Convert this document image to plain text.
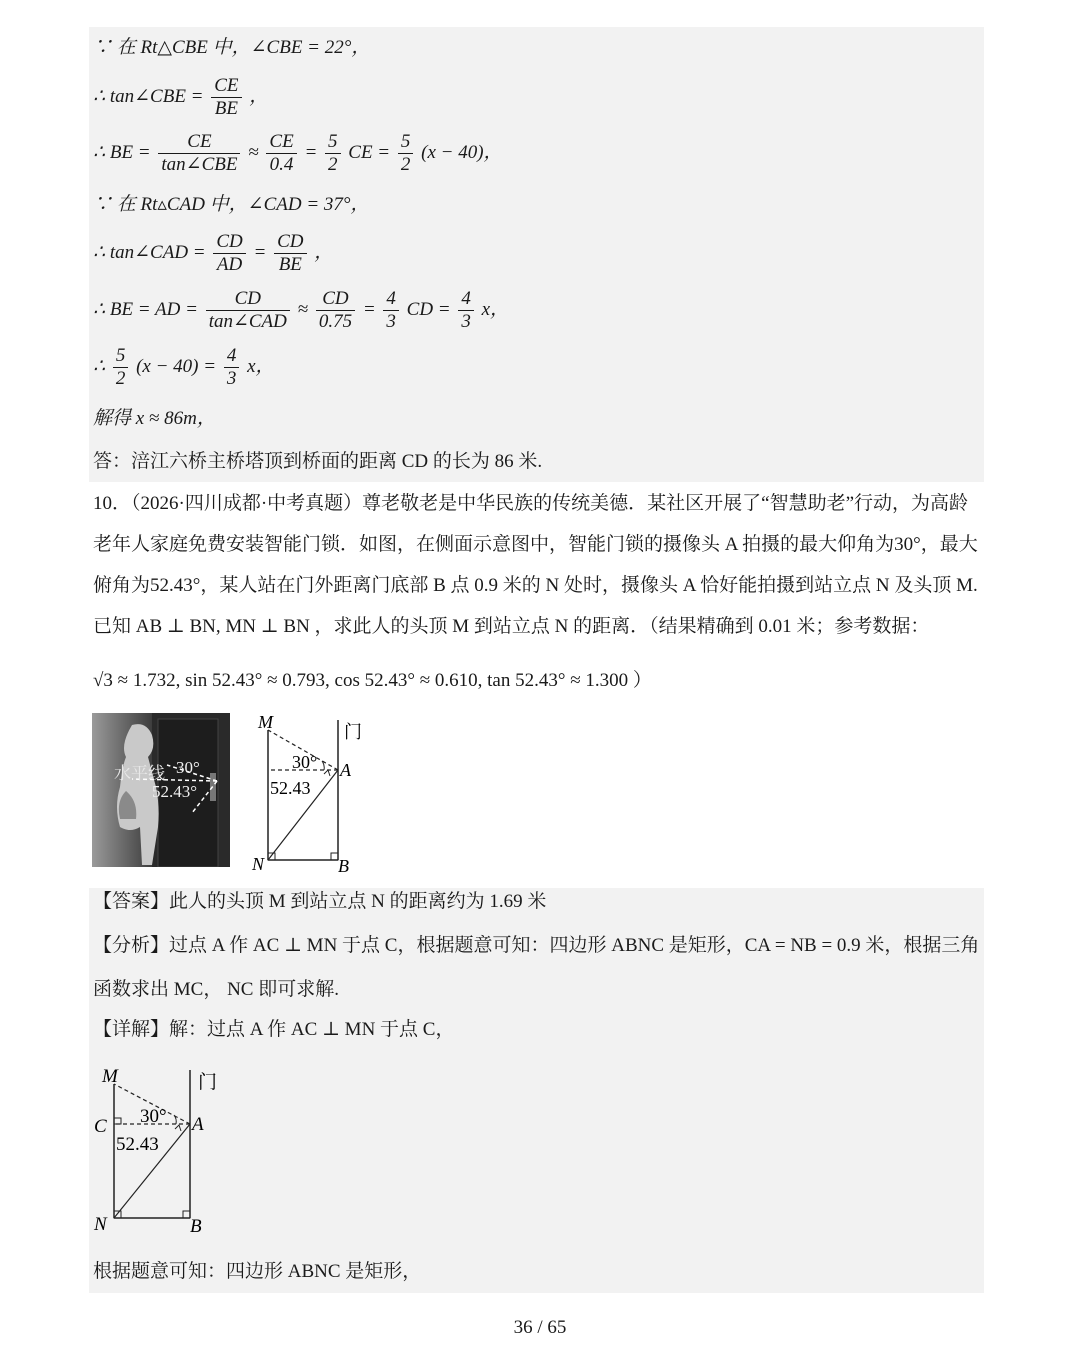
∵ 在 Rt△CBE 中，∠CBE = 22°，
∴ tan∠CBE = $\frac{CE}{BE}$ ，
∴ BE = $\frac{CE}{\text{tan∠CBE}} \approx \frac{CE}{0.4} = \frac{5}{2}$ CE = $\frac{5}{2} (x - 40)$，
∵ 在 Rt▵CAD 中，∠CAD = 37°，
∴ tan∠CAD = $\frac{CD}{AD} = \frac{CD}{BE}$ ，
∴ BE = AD = $\frac{CD}{\text{tan∠CAD}} \approx \frac{CD}{0.75} = \frac{4}{3}$ CD = $\frac{4}{3}$ x，
∴ $\frac{5}{2} (x - 40) = \frac{4}{3}$ x，
解得 x ≈ 86m，
答：涪江六桥主桥塔顶到桥面的距离 CD 的长为 86 米.
10．（2026·四川成都·中考真题）尊老敬老是中华民族的传统美德．某社区开展了“智慧助老”行动，为高龄老年人家庭免费安装智能门锁．如图，在侧面示意图中，智能门锁的摄像头 A 拍摄的最大仰角为30°，最大俯角为52.43°，某人站在门外距离门底部 B 点 0.9 米的 N 处时，摄像头 A 恰好能拍摄到站立点 N 及头顶 M. 已知 AB ⊥ BN, MN ⊥ BN ，求此人的头顶 M 到站立点 N 的距离．（结果精确到 0.01 米；参考数据：
√3 ≈ 1.732, sin 52.43° ≈ 0.793, cos 52.43° ≈ 0.610, tan 52.43° ≈ 1.300 ）
水平线 30°
52.43°
M	门
30° A
52.43
N	B
【答案】此人的头顶 M 到站立点 N 的距离约为 1.69 米
【分析】过点 A 作 AC ⊥ MN 于点 C，根据题意可知：四边形 ABNC 是矩形，CA = NB = 0.9 米，根据三角函数求出 MC， NC 即可求解.
【详解】解：过点 A 作 AC ⊥ MN 于点 C，
M	门
C 30° A
52.43
N	B
根据题意可知：四边形 ABNC 是矩形，
36 / 65
